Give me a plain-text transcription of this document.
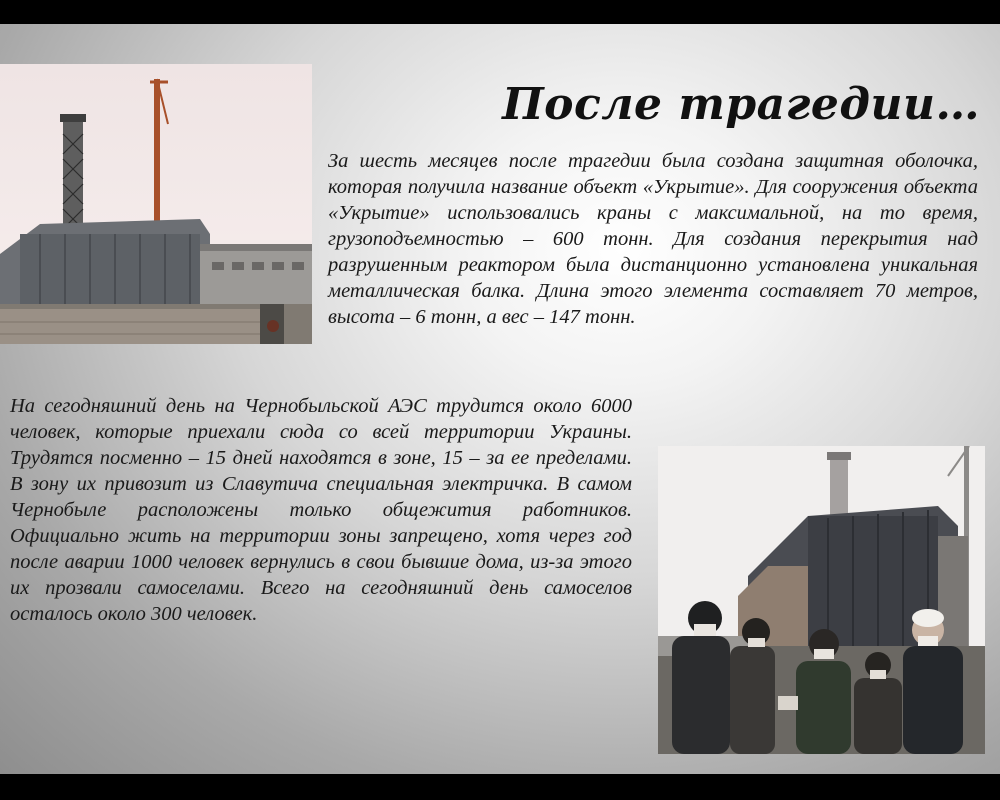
После трагедии…

За шесть месяцев после трагедии была создана защитная оболочка, которая получила название объект «Укрытие». Для сооружения объекта «Укрытие» использовались краны с максимальной, на то время, грузоподъемностью – 600 тонн. Для создания перекрытия над разрушенным реактором была дистанционно установлена уникальная металлическая балка. Длина этого элемента составляет 70 метров, высота – 6 тонн, а вес – 147 тонн.

На сегодняшний день на Чернобыльской АЭС трудится около 6000 человек, которые приехали сюда со всей территории Украины. Трудятся посменно – 15 дней находятся в зоне, 15 – за ее пределами. В зону их привозит из Славутича специальная электричка. В самом Чернобыле расположены только общежития работников. Официально жить на территории зоны запрещено, хотя через год после аварии 1000 человек вернулись в свои бывшие дома, из-за этого их прозвали самоселами. Всего на сегодняшний день самоселов осталось около 300 человек.
